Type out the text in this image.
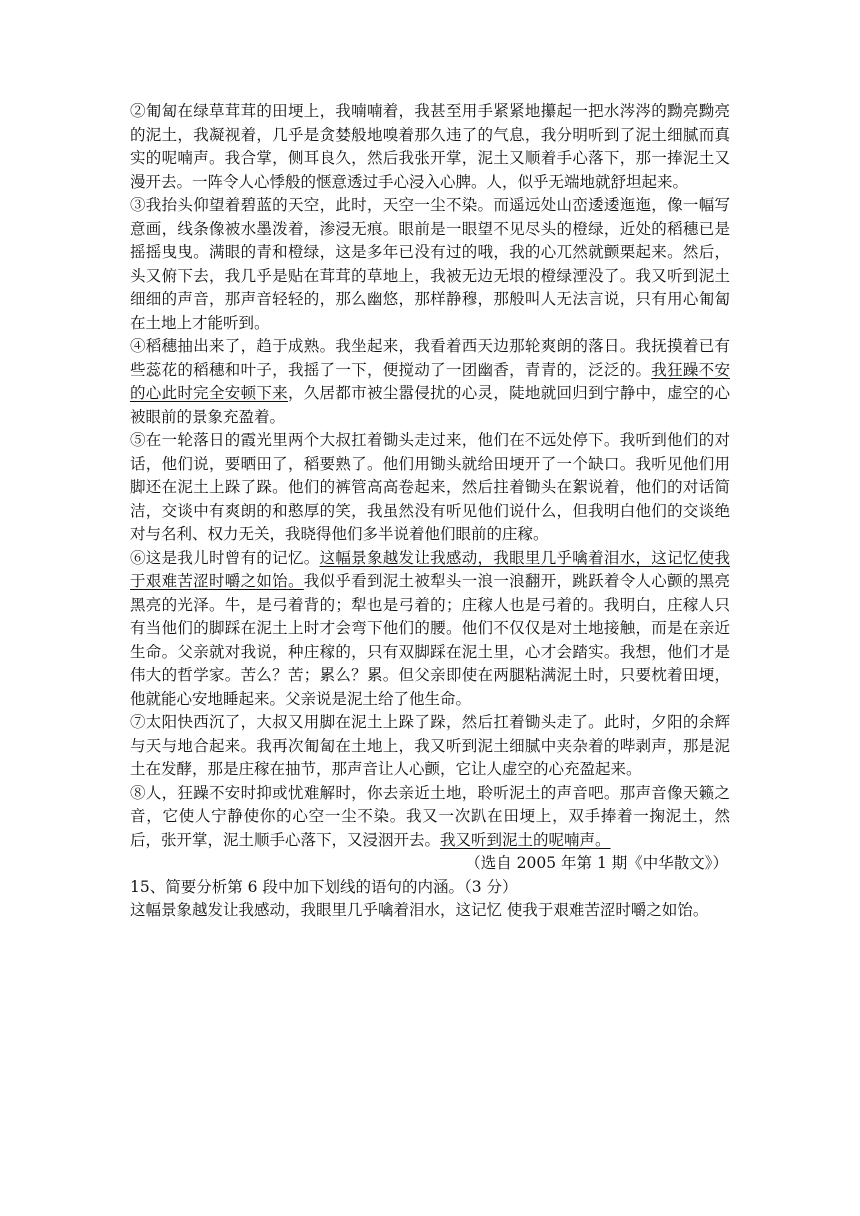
②匍匐在绿草茸茸的田埂上，我喃喃着，我甚至用手紧紧地攥起一把水涔涔的黝亮黝亮的泥土，我凝视着，几乎是贪婪般地嗅着那久违了的气息，我分明听到了泥土细腻而真实的呢喃声。我合掌，侧耳良久，然后我张开掌，泥土又顺着手心落下，那一捧泥土又漫开去。一阵令人心悸般的惬意透过手心浸入心脾。人，似乎无端地就舒坦起来。

③我抬头仰望着碧蓝的天空，此时，天空一尘不染。而遥远处山峦逶逶迤迤，像一幅写意画，线条像被水墨泼着，渗浸无痕。眼前是一眼望不见尽头的橙绿，近处的稻穗已是摇摇曳曳。满眼的青和橙绿，这是多年已没有过的哦，我的心兀然就颤栗起来。然后，头又俯下去，我几乎是贴在茸茸的草地上，我被无边无垠的橙绿湮没了。我又听到泥土细细的声音，那声音轻轻的，那么幽悠，那样静穆，那般叫人无法言说，只有用心匍匐在土地上才能听到。

④稻穗抽出来了，趋于成熟。我坐起来，我看着西天边那轮爽朗的落日。我抚摸着已有些蕊花的稻穗和叶子，我摇了一下，便搅动了一团幽香，青青的，泛泛的。我狂躁不安的心此时完全安顿下来，久居都市被尘嚣侵扰的心灵，陡地就回归到宁静中，虚空的心被眼前的景象充盈着。

⑤在一轮落日的霞光里两个大叔扛着锄头走过来，他们在不远处停下。我听到他们的对话，他们说，要晒田了，稻要熟了。他们用锄头就给田埂开了一个缺口。我听见他们用脚还在泥土上跺了跺。他们的裤管高高卷起来，然后拄着锄头在絮说着，他们的对话简洁，交谈中有爽朗的和憨厚的笑，我虽然没有听见他们说什么，但我明白他们的交谈绝对与名利、权力无关，我晓得他们多半说着他们眼前的庄稼。

⑥这是我儿时曾有的记忆。这幅景象越发让我感动，我眼里几乎噙着泪水，这记忆使我于艰难苦涩时嚼之如饴。我似乎看到泥土被犁头一浪一浪翻开，跳跃着令人心颤的黑亮黑亮的光泽。牛，是弓着背的；犁也是弓着的；庄稼人也是弓着的。我明白，庄稼人只有当他们的脚踩在泥土上时才会弯下他们的腰。他们不仅仅是对土地接触，而是在亲近生命。父亲就对我说，种庄稼的，只有双脚踩在泥土里，心才会踏实。我想，他们才是伟大的哲学家。苦么？苦；累么？累。但父亲即使在两腿粘满泥土时，只要枕着田埂，他就能心安地睡起来。父亲说是泥土给了他生命。

⑦太阳快西沉了，大叔又用脚在泥土上跺了跺，然后扛着锄头走了。此时，夕阳的余辉与天与地合起来。我再次匍匐在土地上，我又听到泥土细腻中夹杂着的哔剥声，那是泥土在发酵，那是庄稼在抽节，那声音让人心颤，它让人虚空的心充盈起来。

⑧人，狂躁不安时抑或忧难解时，你去亲近土地，聆听泥土的声音吧。那声音像天籁之音，它使人宁静使你的心空一尘不染。我又一次趴在田埂上，双手捧着一掬泥土，然后，张开掌，泥土顺手心落下，又浸洇开去。我又听到泥土的呢喃声。

（选自 2005 年第 1 期《中华散文》）

15、简要分析第 6 段中加下划线的语句的内涵。（3 分）

这幅景象越发让我感动，我眼里几乎噙着泪水，这记忆 使我于艰难苦涩时嚼之如饴。
